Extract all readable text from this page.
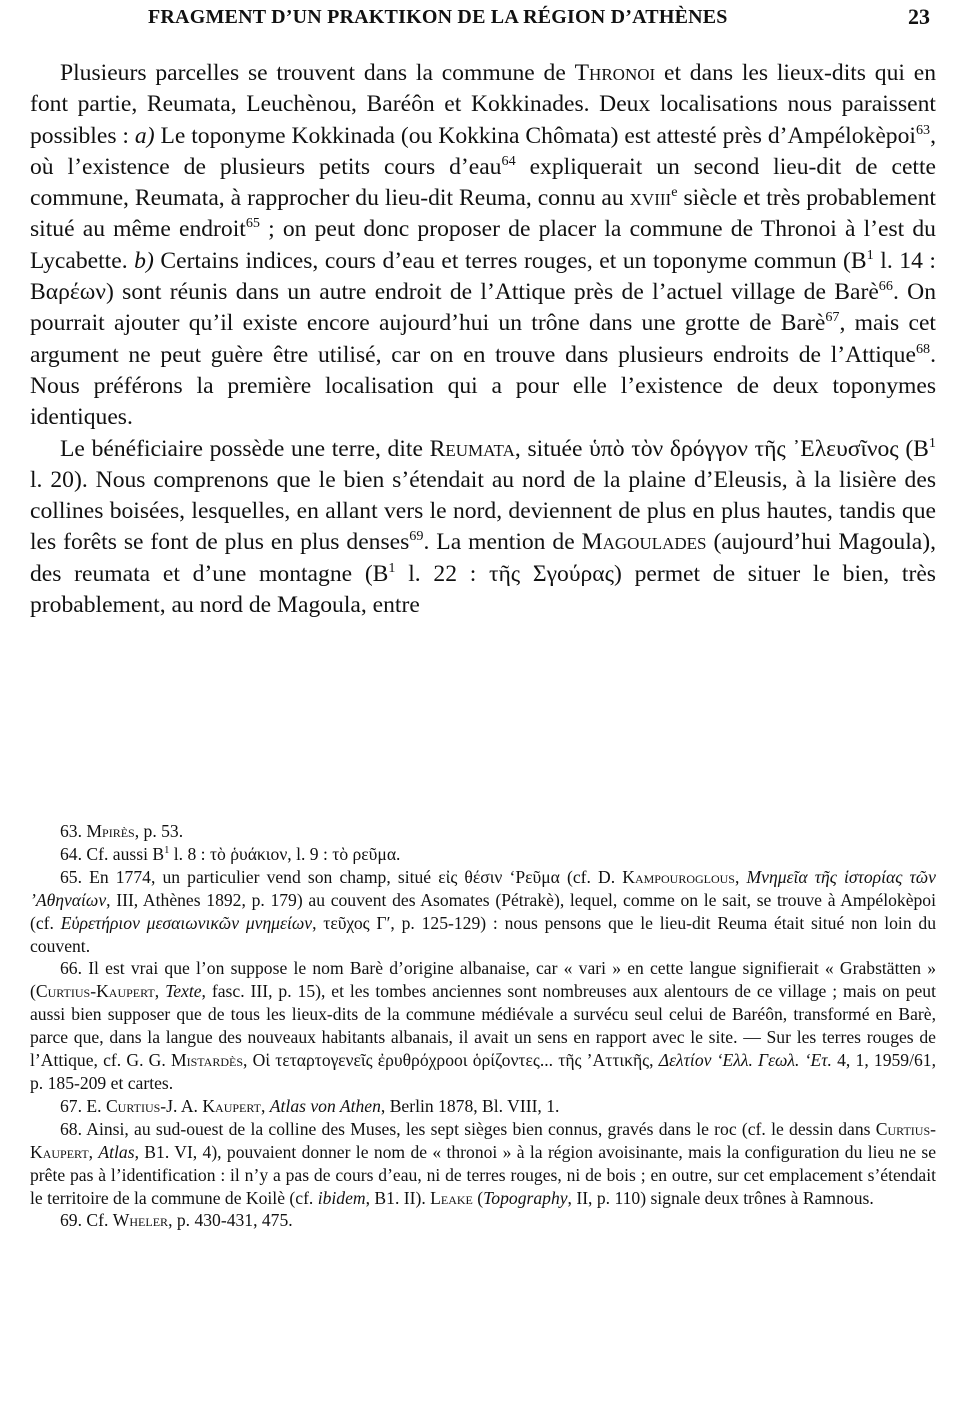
FRAGMENT D’UN PRAKTIKON DE LA RÉGION D’ATHÈNES	23

Plusieurs parcelles se trouvent dans la commune de Thronoi et dans les lieux-dits qui en font partie, Reumata, Leuchènou, Baréôn et Kokkinades. Deux localisations nous paraissent possibles : a) Le toponyme Kokkinada (ou Kokkina Chômata) est attesté près d’Ampélokèpoi$^{63}$, où l’existence de plusieurs petits cours d’eau$^{64}$ expliquerait un second lieu-dit de cette commune, Reumata, à rapprocher du lieu-dit Reuma, connu au xviii$^e$ siècle et très probablement situé au même endroit$^{65}$ ; on peut donc proposer de placer la commune de Thronoi à l’est du Lycabette. b) Certains indices, cours d’eau et terres rouges, et un toponyme commun ($B^1$ l. 14 : Βαρέων) sont réunis dans un autre endroit de l’Attique près de l’actuel village de Barè$^{66}$. On pourrait ajouter qu’il existe encore aujourd’hui un trône dans une grotte de Barè$^{67}$, mais cet argument ne peut guère être utilisé, car on en trouve dans plusieurs endroits de l’Attique$^{68}$. Nous préférons la première localisation qui a pour elle l’existence de deux toponymes identiques.

Le bénéficiaire possède une terre, dite Reumata, située ὑπὸ τὸν δρόγγον τῆς ᾿Ελευσῖνος ($B^1$ l. 20). Nous comprenons que le bien s’étendait au nord de la plaine d’Eleusis, à la lisière des collines boisées, lesquelles, en allant vers le nord, deviennent de plus en plus hautes, tandis que les forêts se font de plus en plus denses$^{69}$. La mention de Magoulades (aujourd’hui Magoula), des reumata et d’une montagne ($B^1$ l. 22 : τῆς Σγούρας) permet de situer le bien, très probablement, au nord de Magoula, entre

63. Mpirès, p. 53.

64. Cf. aussi $B^1$ l. 8 : τὸ ῥυάκιον, l. 9 : τὸ ρεῦμα.

65. En 1774, un particulier vend son champ, situé εἰς θέσιν ‘Ρεῦμα (cf. D. Kampouroglous, Μνημεῖα τῆς ἱστορίας τῶν ’Αθηναίων, III, Athènes 1892, p. 179) au couvent des Asomates (Pétrakè), lequel, comme on le sait, se trouve à Ampélokèpoi (cf. Εὑρετήριον μεσαιωνικῶν μνημείων, τεῦχος Γ′, p. 125-129) : nous pensons que le lieu-dit Reuma était situé non loin du couvent.

66. Il est vrai que l’on suppose le nom Barè d’origine albanaise, car « vari » en cette langue signifierait « Grabstätten » (Curtius-Kaupert, Texte, fasc. III, p. 15), et les tombes anciennes sont nombreuses aux alentours de ce village ; mais on peut aussi bien supposer que de tous les lieux-dits de la commune médiévale a survécu seul celui de Baréôn, transformé en Barè, parce que, dans la langue des nouveaux habitants albanais, il avait un sens en rapport avec le site. — Sur les terres rouges de l’Attique, cf. G. G. Mistardès, Οἱ τεταρτογενεῖς ἐρυθρόχροοι ὁρίζοντες... τῆς ’Αττικῆς, Δελτίον ‘Ελλ. Γεωλ. ‘Ετ. 4, 1, 1959/61, p. 185-209 et cartes.

67. E. Curtius-J. A. Kaupert, Atlas von Athen, Berlin 1878, Bl. VIII, 1.

68. Ainsi, au sud-ouest de la colline des Muses, les sept sièges bien connus, gravés dans le roc (cf. le dessin dans Curtius-Kaupert, Atlas, B1. VI, 4), pouvaient donner le nom de « thronoi » à la région avoisinante, mais la configuration du lieu ne se prête pas à l’identification : il n’y a pas de cours d’eau, ni de terres rouges, ni de bois ; en outre, sur cet emplacement s’étendait le territoire de la commune de Koilè (cf. ibidem, B1. II). Leake (Topography, II, p. 110) signale deux trônes à Ramnous.

69. Cf. Wheler, p. 430-431, 475.
